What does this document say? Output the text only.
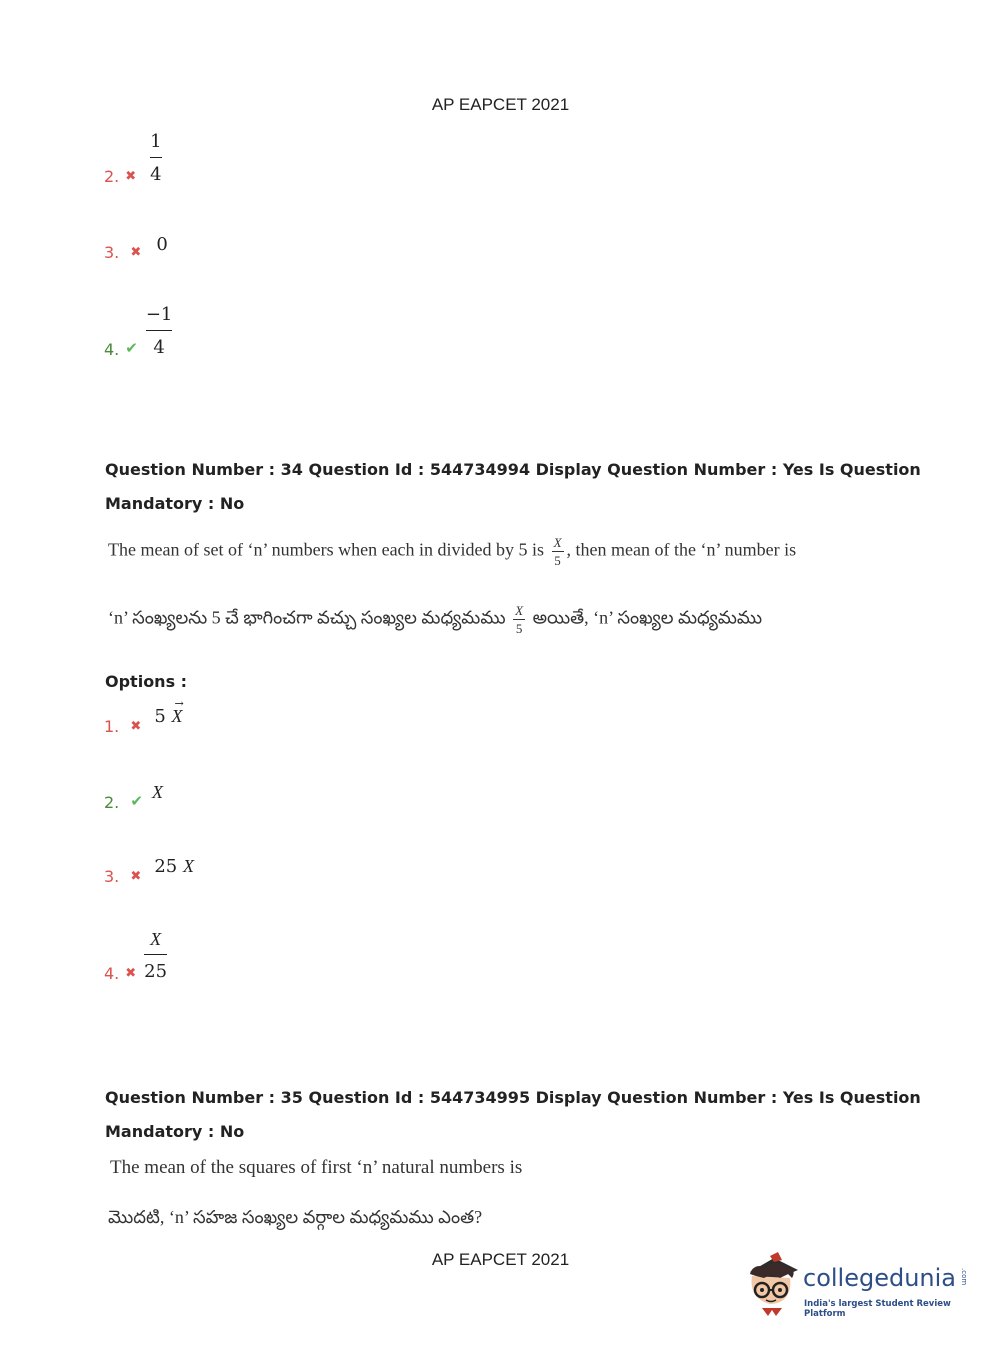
AP EAPCET 2021
2. ✖ $\frac{1}{4}$
3. $_✖$ 0
4. ✔ $\frac{-1}{4}$
Question Number : 34 Question Id : 544734994 Display Question Number : Yes Is Question
Mandatory : No
The mean of set of ‘n’ numbers when each in divided by 5 is $\frac{X}{5}$ , then mean of the ‘n’ number is
‘n’ సంఖ్యలను 5 చే భాగించగా వచ్చు సంఖ్యల మధ్యమము $\frac{X}{5}$ అయితే, ‘n’ సంఖ్యల మధ్యమము
Options :
1. $_✖$ 5 X
→
2. ✔ X
3. $_✖$ 25 X
4. ✖ $\frac{X}{25}$
Question Number : 35 Question Id : 544734995 Display Question Number : Yes Is Question
Mandatory : No
The mean of the squares of first ‘n’ natural numbers is
మొదటి, ‘n’ సహజ సంఖ్యల వర్గాల మధ్యమము ఎంత?
AP EAPCET 2021
collegedunia .com
India's largest Student Review Platform
